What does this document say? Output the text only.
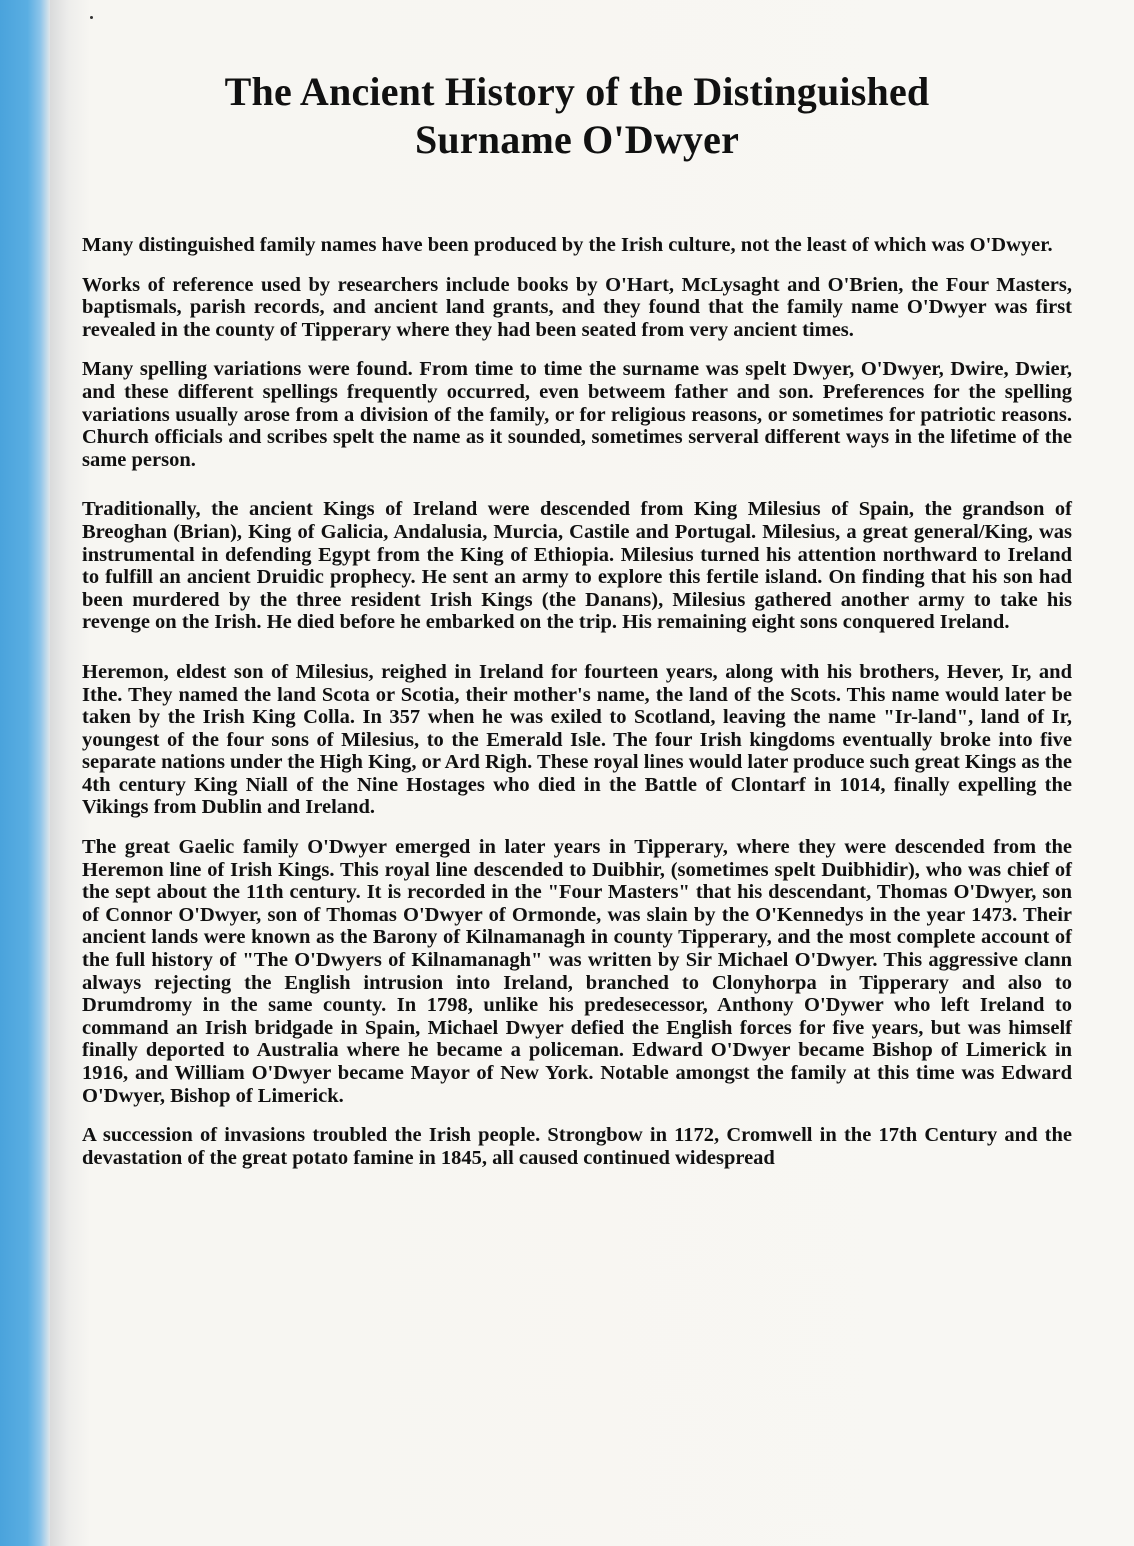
The Ancient History of the Distinguished
Surname O'Dwyer

Many distinguished family names have been produced by the Irish culture, not the least of which was O'Dwyer.

Works of reference used by researchers include books by O'Hart, McLysaght and O'Brien, the Four Masters, baptismals, parish records, and ancient land grants, and they found that the family name O'Dwyer was first revealed in the county of Tipperary where they had been seated from very ancient times.

Many spelling variations were found. From time to time the surname was spelt Dwyer, O'Dwyer, Dwire, Dwier, and these different spellings frequently occurred, even betweem father and son. Preferences for the spelling variations usually arose from a division of the family, or for religious reasons, or sometimes for patriotic reasons. Church officials and scribes spelt the name as it sounded, sometimes serveral different ways in the lifetime of the same person.

Traditionally, the ancient Kings of Ireland were descended from King Milesius of Spain, the grandson of Breoghan (Brian), King of Galicia, Andalusia, Murcia, Castile and Portugal. Milesius, a great general/King, was instrumental in defending Egypt from the King of Ethiopia. Milesius turned his attention northward to Ireland to fulfill an ancient Druidic prophecy. He sent an army to explore this fertile island. On finding that his son had been murdered by the three resident Irish Kings (the Danans), Milesius gathered another army to take his revenge on the Irish. He died before he embarked on the trip. His remaining eight sons conquered Ireland.

Heremon, eldest son of Milesius, reighed in Ireland for fourteen years, along with his brothers, Hever, Ir, and Ithe. They named the land Scota or Scotia, their mother's name, the land of the Scots. This name would later be taken by the Irish King Colla. In 357 when he was exiled to Scotland, leaving the name "Ir-land", land of Ir, youngest of the four sons of Milesius, to the Emerald Isle. The four Irish kingdoms eventually broke into five separate nations under the High King, or Ard Righ. These royal lines would later produce such great Kings as the 4th century King Niall of the Nine Hostages who died in the Battle of Clontarf in 1014, finally expelling the Vikings from Dublin and Ireland.

The great Gaelic family O'Dwyer emerged in later years in Tipperary, where they were descended from the Heremon line of Irish Kings. This royal line descended to Duibhir, (sometimes spelt Duibhidir), who was chief of the sept about the 11th century. It is recorded in the "Four Masters" that his descendant, Thomas O'Dwyer, son of Connor O'Dwyer, son of Thomas O'Dwyer of Ormonde, was slain by the O'Kennedys in the year 1473. Their ancient lands were known as the Barony of Kilnamanagh in county Tipperary, and the most complete account of the full history of "The O'Dwyers of Kilnamanagh" was written by Sir Michael O'Dwyer. This aggressive clann always rejecting the English intrusion into Ireland, branched to Clonyhorpa in Tipperary and also to Drumdromy in the same county. In 1798, unlike his predesecessor, Anthony O'Dywer who left Ireland to command an Irish bridgade in Spain, Michael Dwyer defied the English forces for five years, but was himself finally deported to Australia where he became a policeman. Edward O'Dwyer became Bishop of Limerick in 1916, and William O'Dwyer became Mayor of New York. Notable amongst the family at this time was Edward O'Dwyer, Bishop of Limerick.

A succession of invasions troubled the Irish people. Strongbow in 1172, Cromwell in the 17th Century and the devastation of the great potato famine in 1845, all caused continued widespread
